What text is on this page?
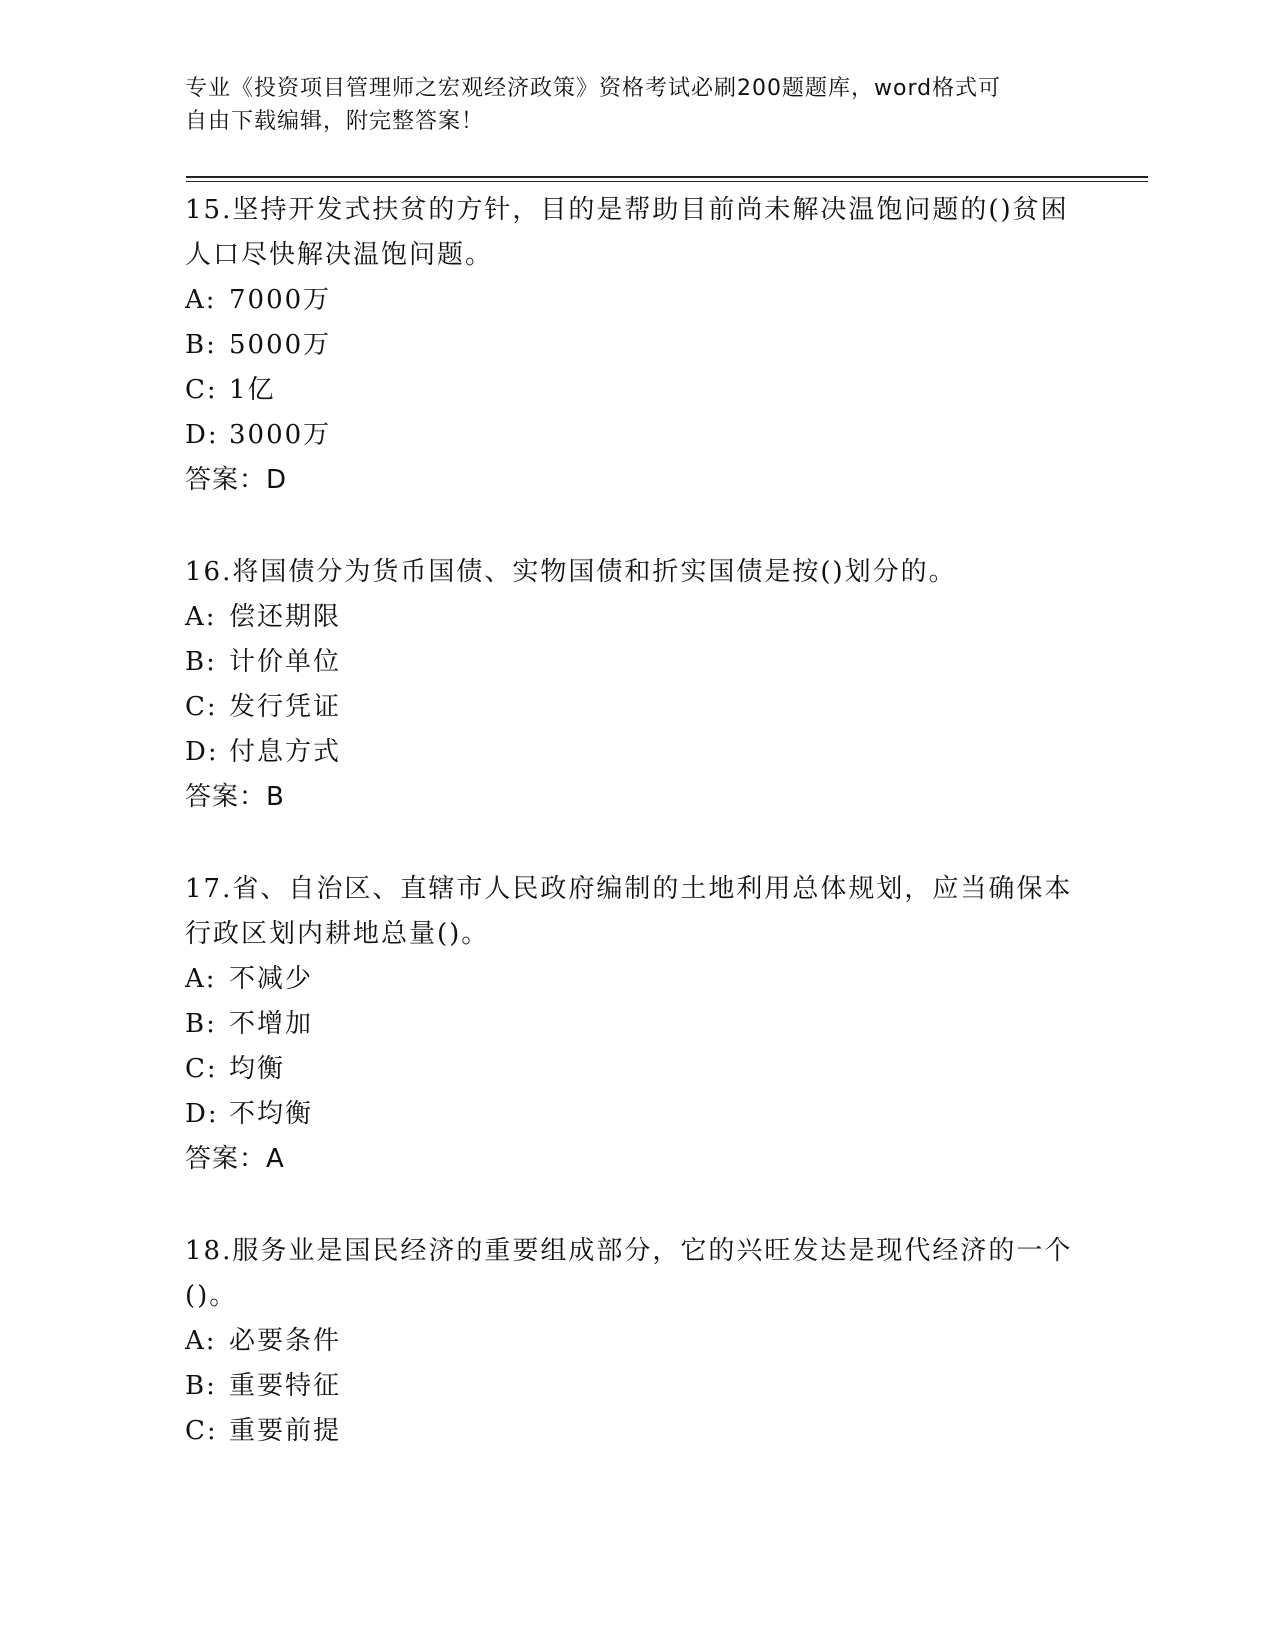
专业《投资项目管理师之宏观经济政策》资格考试必刷200题题库，word格式可
自由下载编辑，附完整答案！

15.坚持开发式扶贫的方针，目的是帮助目前尚未解决温饱问题的()贫困人口尽快解决温饱问题。

A: 7000万

B: 5000万

C: 1亿

D: 3000万

答案：D

16.将国债分为货币国债、实物国债和折实国债是按()划分的。

A: 偿还期限

B: 计价单位

C: 发行凭证

D: 付息方式

答案：B

17.省、自治区、直辖市人民政府编制的土地利用总体规划，应当确保本行政区划内耕地总量()。

A: 不减少

B: 不增加

C: 均衡

D: 不均衡

答案：A

18.服务业是国民经济的重要组成部分，它的兴旺发达是现代经济的一个()。

A: 必要条件

B: 重要特征

C: 重要前提
